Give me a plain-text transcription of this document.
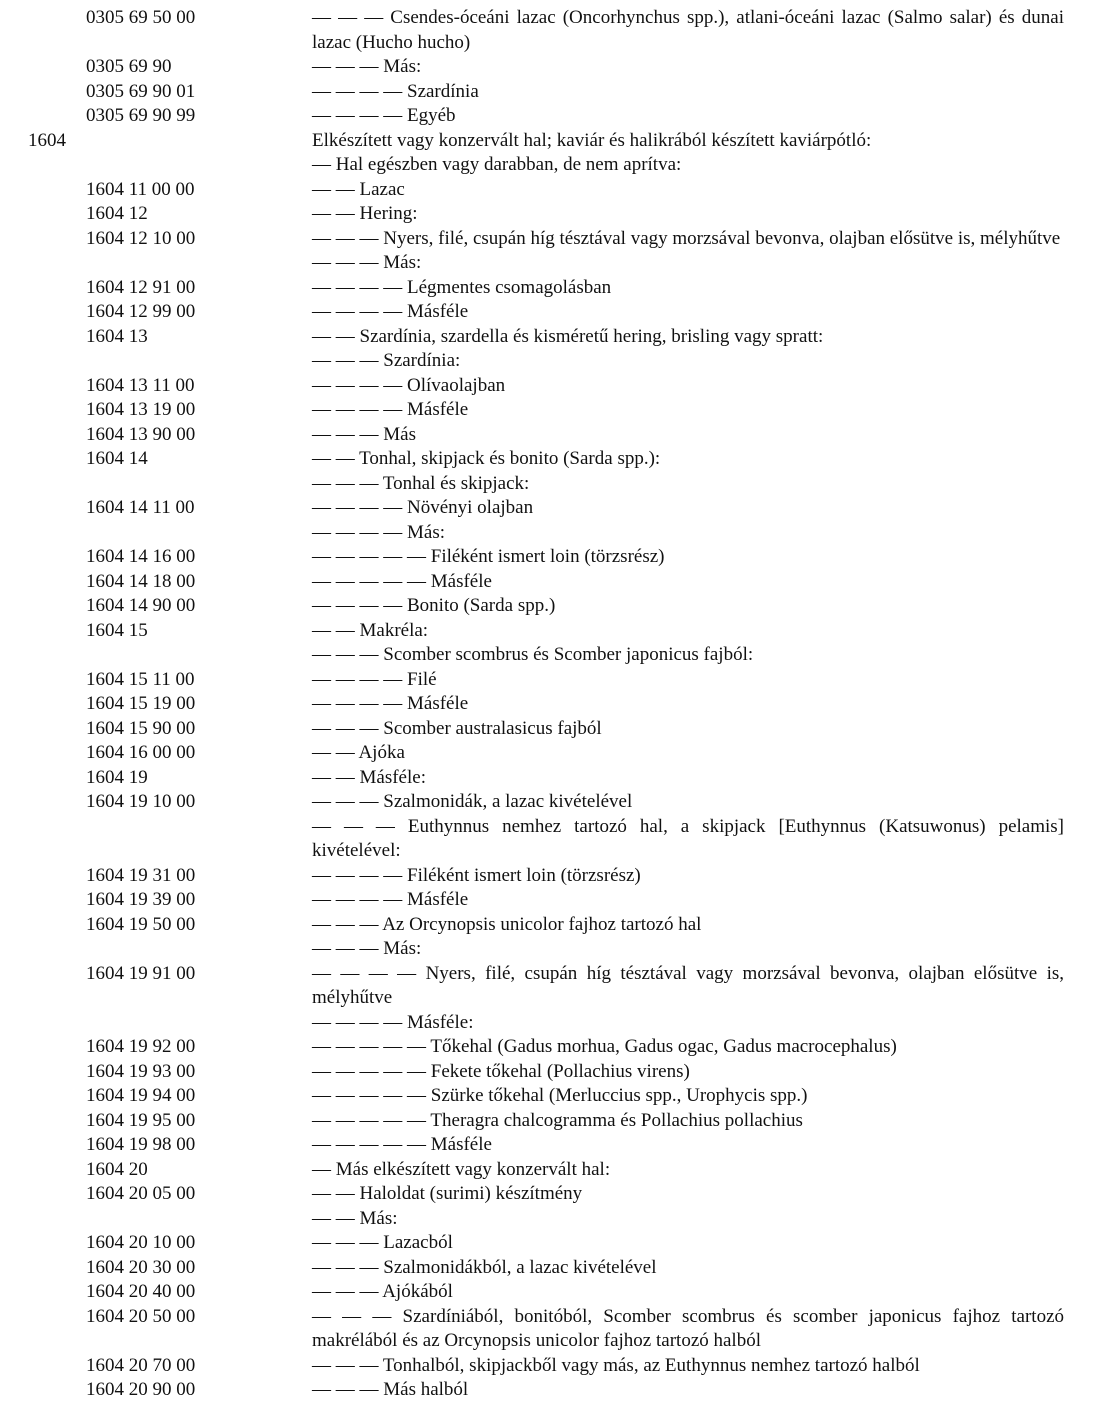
0305 69 50 00	— — — Csendes-óceáni lazac (Oncorhynchus spp.), atlani-óceáni lazac (Salmo salar) és dunai lazac (Hucho hucho)
0305 69 90	— — — Más:
0305 69 90 01	— — — — Szardínia
0305 69 90 99	— — — — Egyéb
1604	Elkészített vagy konzervált hal; kaviár és halikrából készített kaviárpótló:
— Hal egészben vagy darabban, de nem aprítva:
1604 11 00 00	— — Lazac
1604 12	— — Hering:
1604 12 10 00	— — — Nyers, filé, csupán híg tésztával vagy morzsával bevonva, olajban elősütve is, mélyhűtve
— — — Más:
1604 12 91 00	— — — — Légmentes csomagolásban
1604 12 99 00	— — — — Másféle
1604 13	— — Szardínia, szardella és kisméretű hering, brisling vagy spratt:
— — — Szardínia:
1604 13 11 00	— — — — Olívaolajban
1604 13 19 00	— — — — Másféle
1604 13 90 00	— — — Más
1604 14	— — Tonhal, skipjack és bonito (Sarda spp.):
— — — Tonhal és skipjack:
1604 14 11 00	— — — — Növényi olajban
— — — — Más:
1604 14 16 00	— — — — — Filéként ismert loin (törzsrész)
1604 14 18 00	— — — — — Másféle
1604 14 90 00	— — — — Bonito (Sarda spp.)
1604 15	— — Makréla:
— — — Scomber scombrus és Scomber japonicus fajból:
1604 15 11 00	— — — — Filé
1604 15 19 00	— — — — Másféle
1604 15 90 00	— — — Scomber australasicus fajból
1604 16 00 00	— — Ajóka
1604 19	— — Másféle:
1604 19 10 00	— — — Szalmonidák, a lazac kivételével
— — — Euthynnus nemhez tartozó hal, a skipjack [Euthynnus (Katsuwonus) pelamis] kivételével:
1604 19 31 00	— — — — Filéként ismert loin (törzsrész)
1604 19 39 00	— — — — Másféle
1604 19 50 00	— — — Az Orcynopsis unicolor fajhoz tartozó hal
— — — Más:
1604 19 91 00	— — — — Nyers, filé, csupán híg tésztával vagy morzsával bevonva, olajban elősütve is, mélyhűtve
— — — — Másféle:
1604 19 92 00	— — — — — Tőkehal (Gadus morhua, Gadus ogac, Gadus macrocephalus)
1604 19 93 00	— — — — — Fekete tőkehal (Pollachius virens)
1604 19 94 00	— — — — — Szürke tőkehal (Merluccius spp., Urophycis spp.)
1604 19 95 00	— — — — — Theragra chalcogramma és Pollachius pollachius
1604 19 98 00	— — — — — Másféle
1604 20	— Más elkészített vagy konzervált hal:
1604 20 05 00	— — Haloldat (surimi) készítmény
— — Más:
1604 20 10 00	— — — Lazacból
1604 20 30 00	— — — Szalmonidákból, a lazac kivételével
1604 20 40 00	— — — Ajókából
1604 20 50 00	— — — Szardíniából, bonitóból, Scomber scombrus és scomber japonicus fajhoz tartozó makrélából és az Orcynopsis unicolor fajhoz tartozó halból
1604 20 70 00	— — — Tonhalból, skipjackből vagy más, az Euthynnus nemhez tartozó halból
1604 20 90 00	— — — Más halból
